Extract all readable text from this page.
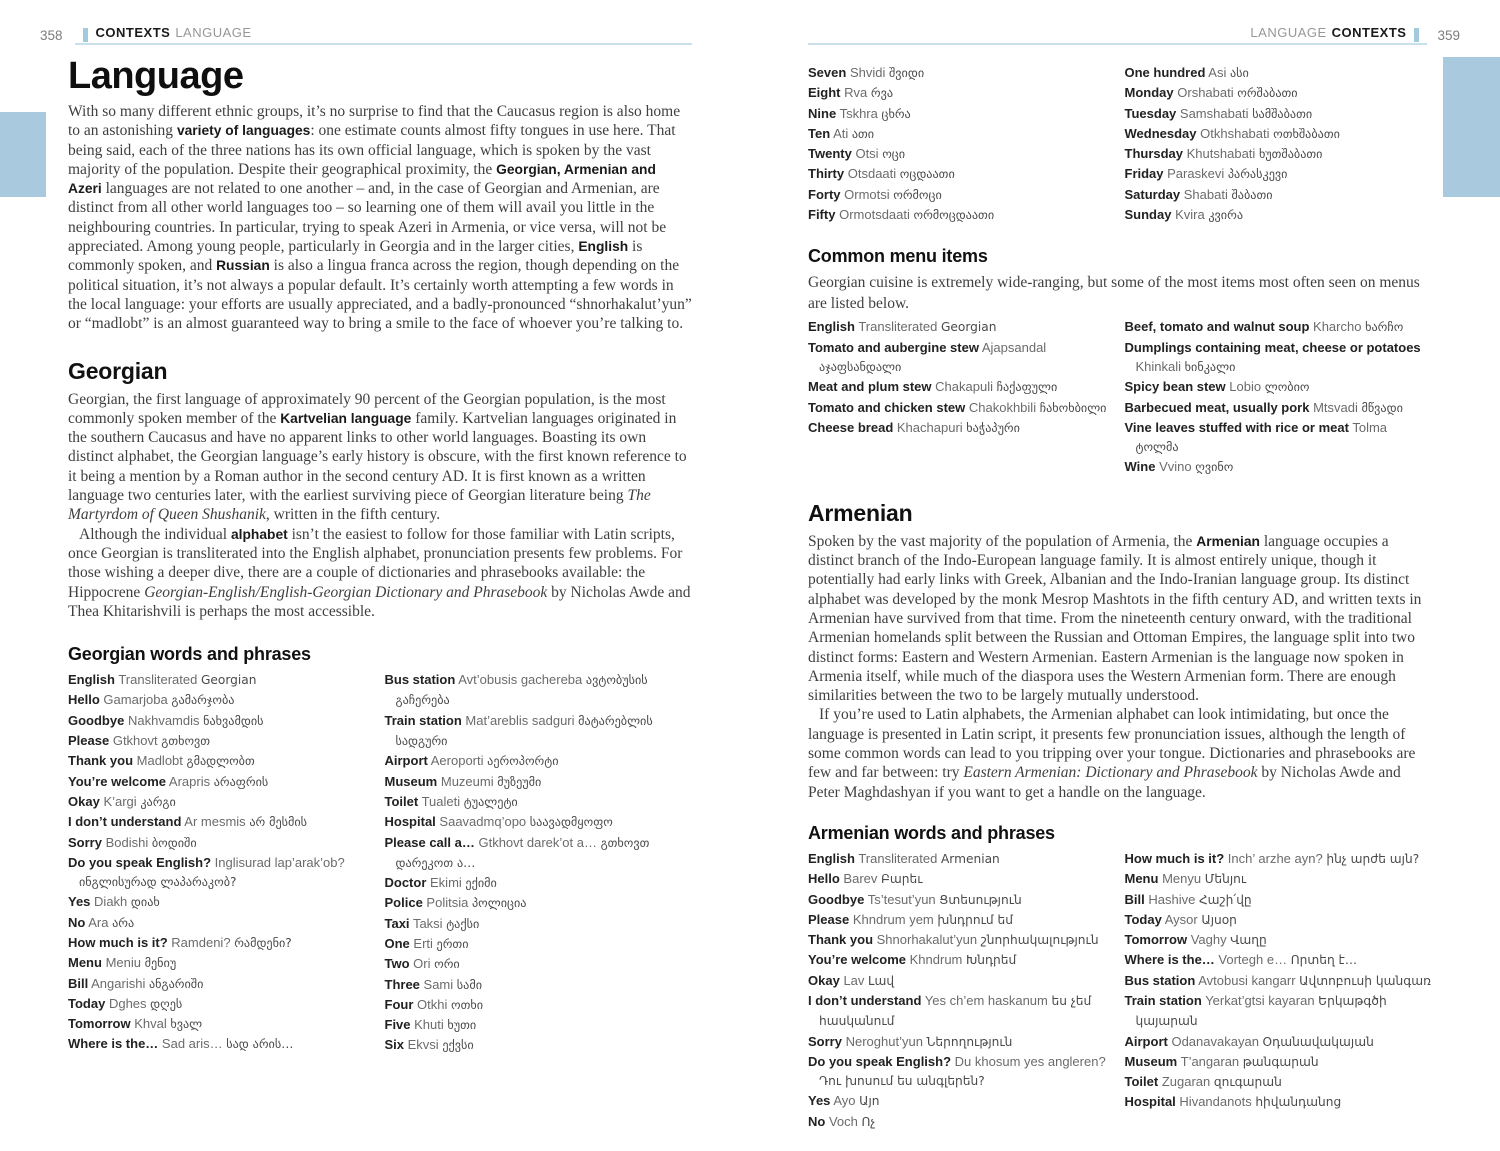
358	CONTEXTS LANGUAGE
Language

With so many different ethnic groups, it’s no surprise to find that the Caucasus region is also home to an astonishing variety of languages: one estimate counts almost fifty tongues in use here. That being said, each of the three nations has its own official language, which is spoken by the vast majority of the population. Despite their geographical proximity, the Georgian, Armenian and Azeri languages are not related to one another – and, in the case of Georgian and Armenian, are distinct from all other world languages too – so learning one of them will avail you little in the neighbouring countries. In particular, trying to speak Azeri in Armenia, or vice versa, will not be appreciated. Among young people, particularly in Georgia and in the larger cities, English is commonly spoken, and Russian is also a lingua franca across the region, though depending on the political situation, it’s not always a popular default. It’s certainly worth attempting a few words in the local language: your efforts are usually appreciated, and a badly-pronounced “shnorhakalut’yun” or “madlobt” is an almost guaranteed way to bring a smile to the face of whoever you’re talking to.

Georgian

Georgian, the first language of approximately 90 percent of the Georgian population, is the most commonly spoken member of the Kartvelian language family. Kartvelian languages originated in the southern Caucasus and have no apparent links to other world languages. Boasting its own distinct alphabet, the Georgian language’s early history is obscure, with the first known reference to it being a mention by a Roman author in the second century AD. It is first known as a written language two centuries later, with the earliest surviving piece of Georgian literature being The Martyrdom of Queen Shushanik, written in the fifth century.

Although the individual alphabet isn’t the easiest to follow for those familiar with Latin scripts, once Georgian is transliterated into the English alphabet, pronunciation presents few problems. For those wishing a deeper dive, there are a couple of dictionaries and phrasebooks available: the Hippocrene Georgian-English/English-Georgian Dictionary and Phrasebook by Nicholas Awde and Thea Khitarishvili is perhaps the most accessible.

Georgian words and phrases
English Transliterated Georgian
Hello Gamarjoba გამარჯობა
Goodbye Nakhvamdis ნახვამდის
Please Gtkhovt გთხოვთ
Thank you Madlobt გმადლობთ
You’re welcome Arapris არაფრის
Okay K’argi კარგი
I don’t understand Ar mesmis არ მესმის
Sorry Bodishi ბოდიში
Do you speak English? Inglisurad lap’arak’ob? ინგლისურად ლაპარაკობ?
Yes Diakh დიახ
No Ara არა
How much is it? Ramdeni? რამდენი?
Menu Meniu მენიუ
Bill Angarishi ანგარიში
Today Dghes დღეს
Tomorrow Khval ხვალ
Where is the… Sad aris… სად არის…
Bus station Avt’obusis gachereba ავტობუსის გაჩერება
Train station Mat’areblis sadguri მატარებლის სადგური
Airport Aeroporti აეროპორტი
Museum Muzeumi მუზეუმი
Toilet Tualeti ტუალეტი
Hospital Saavadmq’opo საავადმყოფო
Please call a… Gtkhovt darek’ot a… გთხოვთ დარეკოთ ა…
Doctor Ekimi ექიმი
Police Politsia პოლიცია
Taxi Taksi ტაქსი
One Erti ერთი
Two Ori ორი
Three Sami სამი
Four Otkhi ოთხი
Five Khuti ხუთი
Six Ekvsi ექვსი
LANGUAGE CONTEXTS 359
Seven Shvidi შვიდი
Eight Rva რვა
Nine Tskhra ცხრა
Ten Ati ათი
Twenty Otsi ოცი
Thirty Otsdaati ოცდაათი
Forty Ormotsi ორმოცი
Fifty Ormotsdaati ორმოცდაათი
One hundred Asi ასი
Monday Orshabati ორშაბათი
Tuesday Samshabati სამშაბათი
Wednesday Otkhshabati ოთხშაბათი
Thursday Khutshabati ხუთშაბათი
Friday Paraskevi პარასკევი
Saturday Shabati შაბათი
Sunday Kvira კვირა
Common menu items

Georgian cuisine is extremely wide-ranging, but some of the most items most often seen on menus are listed below.

English Transliterated Georgian
Tomato and aubergine stew Ajapsandal აჯაფსანდალი
Meat and plum stew Chakapuli ჩაქაფული
Tomato and chicken stew Chakokhbili ჩახოხბილი
Cheese bread Khachapuri ხაჭაპური
Beef, tomato and walnut soup Kharcho ხარჩო
Dumplings containing meat, cheese or potatoes Khinkali ხინკალი
Spicy bean stew Lobio ლობიო
Barbecued meat, usually pork Mtsvadi მწვადი
Vine leaves stuffed with rice or meat Tolma ტოლმა
Wine Vvino ღვინო
Armenian

Spoken by the vast majority of the population of Armenia, the Armenian language occupies a distinct branch of the Indo-European language family. It is almost entirely unique, though it potentially had early links with Greek, Albanian and the Indo-Iranian language group. Its distinct alphabet was developed by the monk Mesrop Mashtots in the fifth century AD, and written texts in Armenian have survived from that time. From the nineteenth century onward, with the traditional Armenian homelands split between the Russian and Ottoman Empires, the language split into two distinct forms: Eastern and Western Armenian. Eastern Armenian is the language now spoken in Armenia itself, while much of the diaspora uses the Western Armenian form. There are enough similarities between the two to be largely mutually understood.

If you’re used to Latin alphabets, the Armenian alphabet can look intimidating, but once the language is presented in Latin script, it presents few pronunciation issues, although the length of some common words can lead to you tripping over your tongue. Dictionaries and phrasebooks are few and far between: try Eastern Armenian: Dictionary and Phrasebook by Nicholas Awde and Peter Maghdashyan if you want to get a handle on the language.

Armenian words and phrases
English Transliterated Armenian
Hello Barev Բարեւ
Goodbye Ts’tesut’yun Ցտեսություն
Please Khndrum yem խնդրում եմ
Thank you Shnorhakalut’yun շնորհակալություն
You’re welcome Khndrum Խնդրեմ
Okay Lav Լավ
I don’t understand Yes ch’em haskanum ես չեմ հասկանում
Sorry Neroghut’yun Ներողություն
Do you speak English? Du khosum yes angleren? Դու խոսում ես անգլերեն?
Yes Ayo Այո
No Voch Ոչ
How much is it? Inch’ arzhe ayn? ինչ արժե այն?
Menu Menyu Մենյու
Bill Hashive Հաշի՛վը
Today Aysor Այսօր
Tomorrow Vaghy Վաղը
Where is the… Vortegh e… Որտեղ է…
Bus station Avtobusi kangarr Ավտոբուսի կանգառ
Train station Yerkat’gtsi kayaran Երկաթգծի կայարան
Airport Odanavakayan Օդանավակայան
Museum T’angaran թանգարան
Toilet Zugaran զուգարան
Hospital Hivandanots հիվանդանոց
